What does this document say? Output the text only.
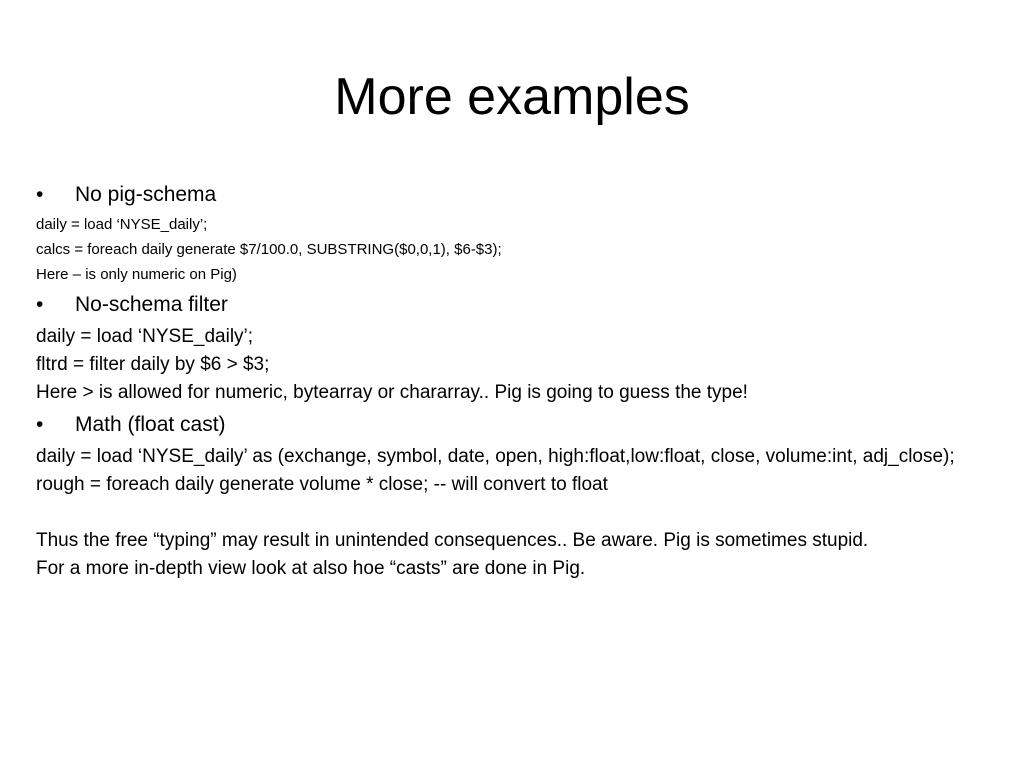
More examples
•	No pig-schema

daily = load ‘NYSE_daily’;

calcs = foreach daily generate $7/100.0, SUBSTRING($0,0,1), $6-$3);

Here – is only numeric on Pig)

•	No-schema filter

daily = load ‘NYSE_daily’;

fltrd = filter daily by $6 > $3;

Here > is allowed for numeric, bytearray or chararray.. Pig is going to guess the type!

•	Math (float cast)

daily = load ‘NYSE_daily’ as (exchange, symbol, date, open, high:float,low:float, close, volume:int, adj_close);

rough = foreach daily generate volume * close; -- will convert to float

Thus the free “typing” may result in unintended consequences.. Be aware. Pig is sometimes stupid.

For a more in-depth view look at also hoe “casts” are done in Pig.
